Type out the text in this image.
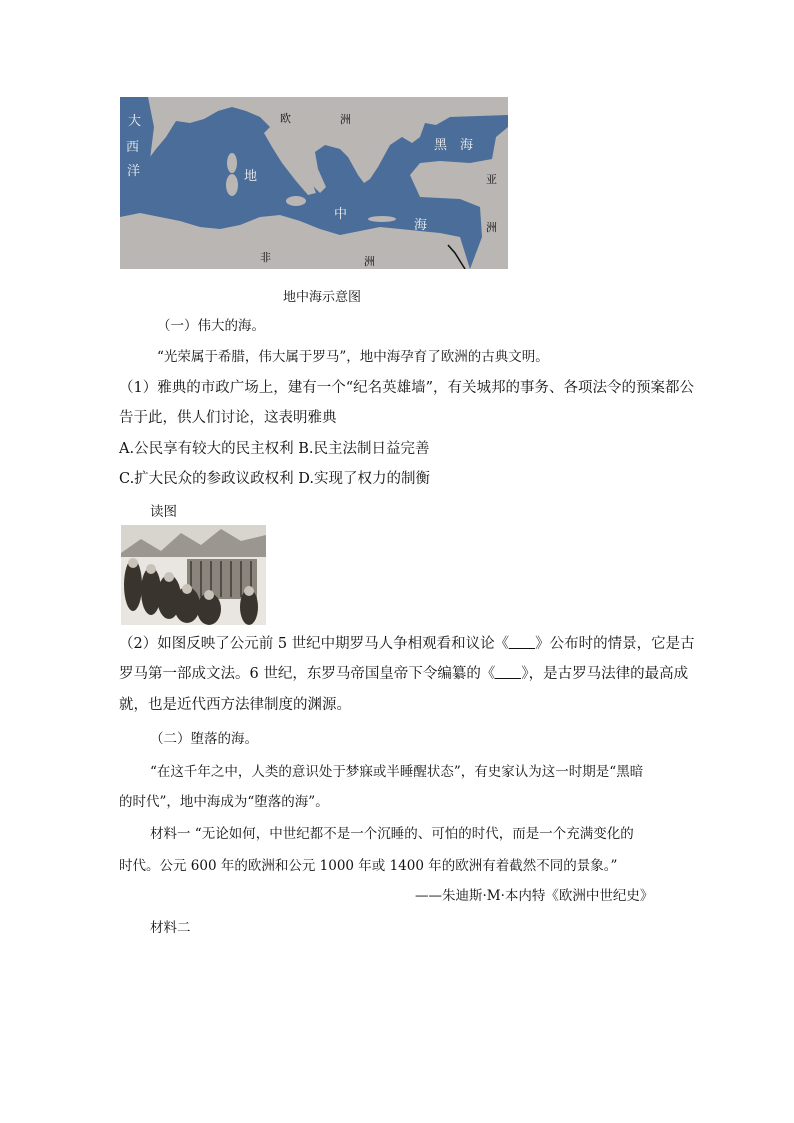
大
西
洋
欧	洲
地
中
海
黑 海
亚
洲
非	洲
地中海示意图
（一）伟大的海。
“光荣属于希腊，伟大属于罗马”，地中海孕育了欧洲的古典文明。
（1）雅典的市政广场上，建有一个“纪名英雄墙”，有关城邦的事务、各项法令的预案都公
告于此，供人们讨论，这表明雅典
A.公民享有较大的民主权利 B.民主法制日益完善
C.扩大民众的参政议政权利 D.实现了权力的制衡
读图
（2）如图反映了公元前 5 世纪中期罗马人争相观看和议论《 》公布时的情景，它是古
罗马第一部成文法。6 世纪，东罗马帝国皇帝下令编纂的《 》，是古罗马法律的最高成
就，也是近代西方法律制度的渊源。
（二）堕落的海。
“在这千年之中，人类的意识处于梦寐或半睡醒状态”，有史家认为这一时期是“黑暗
的时代”，地中海成为“堕落的海”。
材料一 “无论如何，中世纪都不是一个沉睡的、可怕的时代，而是一个充满变化的
时代。公元 600 年的欧洲和公元 1000 年或 1400 年的欧洲有着截然不同的景象。”
——朱迪斯·M·本内特《欧洲中世纪史》
材料二
